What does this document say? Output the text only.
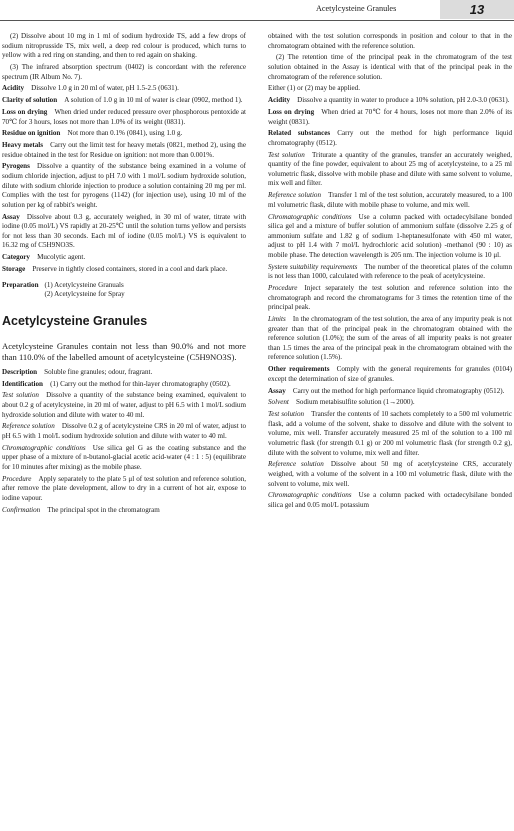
Acetylcysteine Granules	13

(2) Dissolve about 10 mg in 1 ml of sodium hydroxide TS, add a few drops of sodium nitroprusside TS, mix well, a deep red colour is produced, which turns to yellow with a red ring on standing, and then to red again on shaking.

(3) The infrared absorption spectrum (0402) is concordant with the reference spectrum (IR Album No. 7).

Acidity  Dissolve 1.0 g in 20 ml of water, pH 1.5-2.5 (0631).

Clarity of solution  A solution of 1.0 g in 10 ml of water is clear (0902, method 1).

Loss on drying  When dried under reduced pressure over phosphorous pentoxide at 70℃ for 3 hours, loses not more than 1.0% of its weight (0831).

Residue on ignition  Not more than 0.1% (0841), using 1.0 g.

Heavy metals  Carry out the limit test for heavy metals (0821, method 2), using the residue obtained in the test for Residue on ignition: not more than 0.001%.

Pyrogens  Dissolve a quantity of the substance being examined in a volume of sodium chloride injection, adjust to pH 7.0 with 1 mol/L sodium hydroxide solution, dilute with sodium chloride injection to produce a solution containing 20 mg per ml. Complies with the test for pyrogens (1142) (for injection use), using 10 ml of the solution per kg of rabbit's weight.

Assay  Dissolve about 0.3 g, accurately weighed, in 30 ml of water, titrate with iodine (0.05 mol/L) VS rapidly at 20-25℃ until the solution turns yellow and persists for not less than 30 seconds. Each ml of iodine (0.05 mol/L) VS is equivalent to 16.32 mg of C5H9NO3S.

Category  Mucolytic agent.

Storage  Preserve in tightly closed containers, stored in a cool and dark place.

Preparation (1) Acetylcysteine Granuals
(2) Acetylcysteine for Spray
Acetylcysteine Granules

Acetylcysteine Granules contain not less than 90.0% and not more than 110.0% of the labelled amount of acetylcysteine (C5H9NO3S).

Description  Soluble fine granules; odour, fragrant.

Identification  (1) Carry out the method for thin-layer chromatography (0502).

Test solution  Dissolve a quantity of the substance being examined, equivalent to about 0.2 g of acetylcysteine, in 20 ml of water, adjust to pH 6.5 with 1 mol/L sodium hydroxide solution and dilute with water to 40 ml.

Reference solution  Dissolve 0.2 g of acetylcysteine CRS in 20 ml of water, adjust to pH 6.5 with 1 mol/L sodium hydroxide solution and dilute with water to 40 ml.

Chromatographic conditions  Use silica gel G as the coating substance and the upper phase of a mixture of n-butanol-glacial acetic acid-water (4 : 1 : 5) (equilibrate for 10 minutes after mixing) as the mobile phase.

Procedure  Apply separately to the plate 5 μl of test solution and reference solution, after remove the plate development, allow to dry in a current of hot air, expose to iodine vapour.

Confirmation  The principal spot in the chromatogram

obtained with the test solution corresponds in position and colour to that in the chromatogram obtained with the reference solution.

(2) The retention time of the principal peak in the chromatogram of the test solution obtained in the Assay is identical with that of the principal peak in the chromatogram of the reference solution.

Either (1) or (2) may be applied.

Acidity  Dissolve a quantity in water to produce a 10% solution, pH 2.0-3.0 (0631).

Loss on drying  When dried at 70℃ for 4 hours, loses not more than 2.0% of its weight (0831).

Related substances  Carry out the method for high performance liquid chromatography (0512).

Test solution  Triturate a quantity of the granules, transfer an accurately weighed, quantity of the fine powder, equivalent to about 25 mg of acetylcysteine, to a 25 ml volumetric flask, dissolve with mobile phase and dilute with same solvent to volume, mix well and filter.

Reference solution  Transfer 1 ml of the test solution, accurately measured, to a 100 ml volumetric flask, dilute with mobile phase to volume, and mix well.

Chromatographic conditions  Use a column packed with octadecylsilane bonded silica gel and a mixture of buffer solution of ammonium sulfate (dissolve 2.25 g of ammonium sulfate and 1.82 g of sodium 1-heptanesulfonate with 450 ml water, adjust to pH 1.4 with 7 mol/L hydrochloric acid solution) -methanol (90 : 10) as mobile phase. The detection wavelength is 205 nm. The injection volume is 10 μl.

System suitability requirements  The number of the theoretical plates of the column is not less than 1000, calculated with reference to the peak of acetylcysteine.

Procedure  Inject separately the test solution and reference solution into the chromatograph and record the chromatograms for 3 times the retention time of the principal peak.

Limits  In the chromatogram of the test solution, the area of any impurity peak is not greater than that of the principal peak in the chromatogram obtained with the reference solution (1.0%); the sum of the areas of all impurity peaks is not greater than 1.5 times the area of the principal peak in the chromatogram obtained with the reference solution (1.5%).

Other requirements  Comply with the general requirements for granules (0104) except the determination of size of granules.

Assay  Carry out the method for high performance liquid chromatography (0512).

Solvent  Sodium metabisulfite solution (1→2000).

Test solution  Transfer the contents of 10 sachets completely to a 500 ml volumetric flask, add a volume of the solvent, shake to dissolve and dilute with the solvent to volume, mix well. Transfer accurately measured 25 ml of the solution to a 100 ml volumetric flask (for strength 0.1 g) or 200 ml volumetric flask (for strength 0.2 g), dilute with the solvent to volume, mix well and filter.

Reference solution  Dissolve about 50 mg of acetylcysteine CRS, accurately weighed, with a volume of the solvent in a 100 ml volumetric flask, dilute with the solvent to volume, mix well.

Chromatographic conditions  Use a column packed with octadecylsilane bonded silica gel and 0.05 mol/L potassium
